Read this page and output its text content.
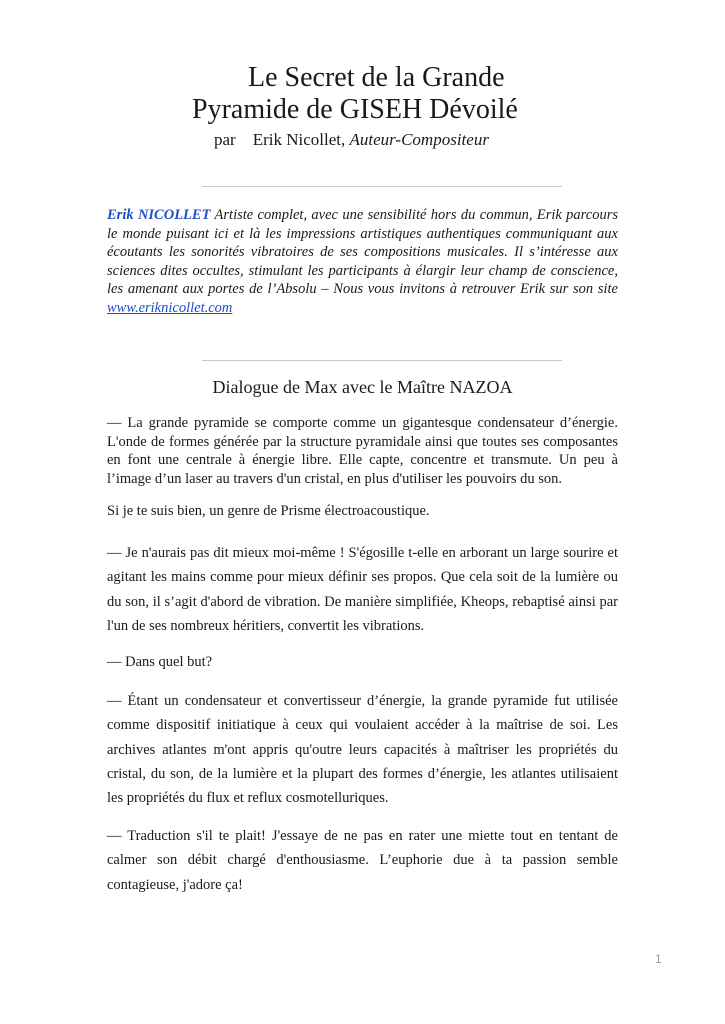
Le Secret de la Grande
Pyramide de GISEH Dévoilé
par Erik Nicollet, Auteur-Compositeur
Erik NICOLLET Artiste complet, avec une sensibilité hors du commun, Erik parcours le monde puisant ici et là les impressions artistiques authentiques communiquant aux écoutants les sonorités vibratoires de ses compositions musicales. Il s’intéresse aux sciences dites occultes, stimulant les participants à élargir leur champ de conscience, les amenant aux portes de l’Absolu – Nous vous invitons à retrouver Erik sur son site www.eriknicollet.com
Dialogue de Max avec le Maître NAZOA
— La grande pyramide se comporte comme un gigantesque condensateur d’énergie. L'onde de formes générée par la structure pyramidale ainsi que toutes ses composantes en font une centrale à énergie libre. Elle capte, concentre et transmute. Un peu à l’image d’un laser au travers d'un cristal, en plus d'utiliser les pouvoirs du son.
Si je te suis bien, un genre de Prisme électroacoustique.
— Je n'aurais pas dit mieux moi-même ! S'égosille t-elle en arborant un large sourire et agitant les mains comme pour mieux définir ses propos. Que cela soit de la lumière ou du son, il s’agit d'abord de vibration. De manière simplifiée, Kheops, rebaptisé ainsi par l'un de ses nombreux héritiers, convertit les vibrations.
— Dans quel but?
— Étant un condensateur et convertisseur d’énergie, la grande pyramide fut utilisée comme dispositif initiatique à ceux qui voulaient accéder à la maîtrise de soi. Les archives atlantes m'ont appris qu'outre leurs capacités à maîtriser les propriétés du cristal, du son, de la lumière et la plupart des formes d’énergie, les atlantes utilisaient les propriétés du flux et reflux cosmotelluriques.
— Traduction s'il te plait! J'essaye de ne pas en rater une miette tout en tentant de calmer son débit chargé d'enthousiasme. L’euphorie due à ta passion semble contagieuse, j'adore ça!
1
